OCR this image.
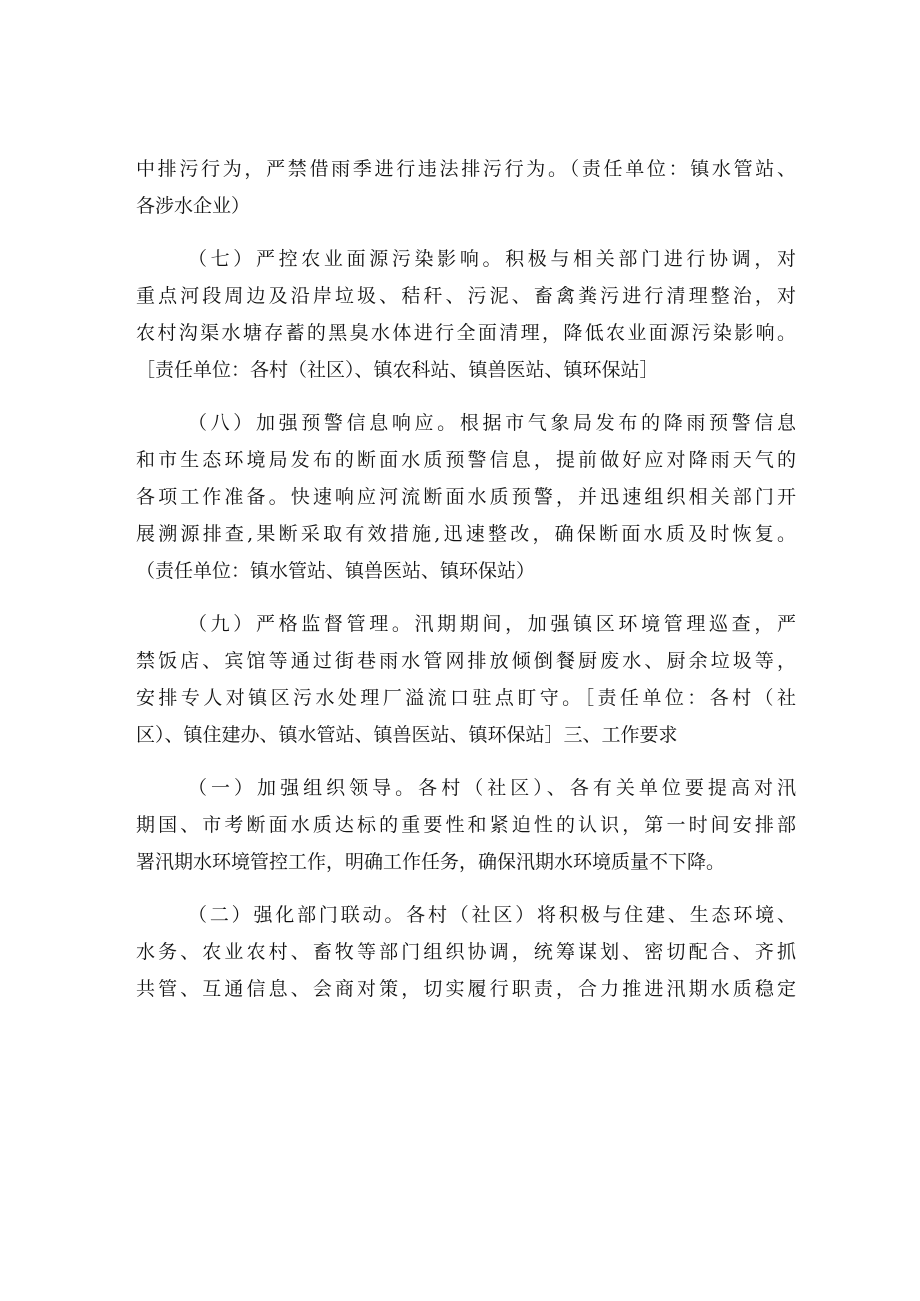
中排污行为，严禁借雨季进行违法排污行为。（责任单位：镇水管站、
各涉水企业）
（七）严控农业面源污染影响。积极与相关部门进行协调，对
重点河段周边及沿岸垃圾、秸秆、污泥、畜禽粪污进行清理整治，对
农村沟渠水塘存蓄的黑臭水体进行全面清理，降低农业面源污染影响。
［责任单位：各村（社区）、镇农科站、镇兽医站、镇环保站］
（八）加强预警信息响应。根据市气象局发布的降雨预警信息
和市生态环境局发布的断面水质预警信息，提前做好应对降雨天气的
各项工作准备。快速响应河流断面水质预警，并迅速组织相关部门开
展溯源排查,果断采取有效措施,迅速整改，确保断面水质及时恢复。
（责任单位：镇水管站、镇兽医站、镇环保站）
（九）严格监督管理。汛期期间，加强镇区环境管理巡查，严
禁饭店、宾馆等通过街巷雨水管网排放倾倒餐厨废水、厨余垃圾等，
安排专人对镇区污水处理厂溢流口驻点盯守。［责任单位：各村（社
区）、镇住建办、镇水管站、镇兽医站、镇环保站］三、工作要求
（一）加强组织领导。各村（社区）、各有关单位要提高对汛
期国、市考断面水质达标的重要性和紧迫性的认识，第一时间安排部
署汛期水环境管控工作，明确工作任务，确保汛期水环境质量不下降。
（二）强化部门联动。各村（社区）将积极与住建、生态环境、
水务、农业农村、畜牧等部门组织协调，统筹谋划、密切配合、齐抓
共管、互通信息、会商对策，切实履行职责，合力推进汛期水质稳定
